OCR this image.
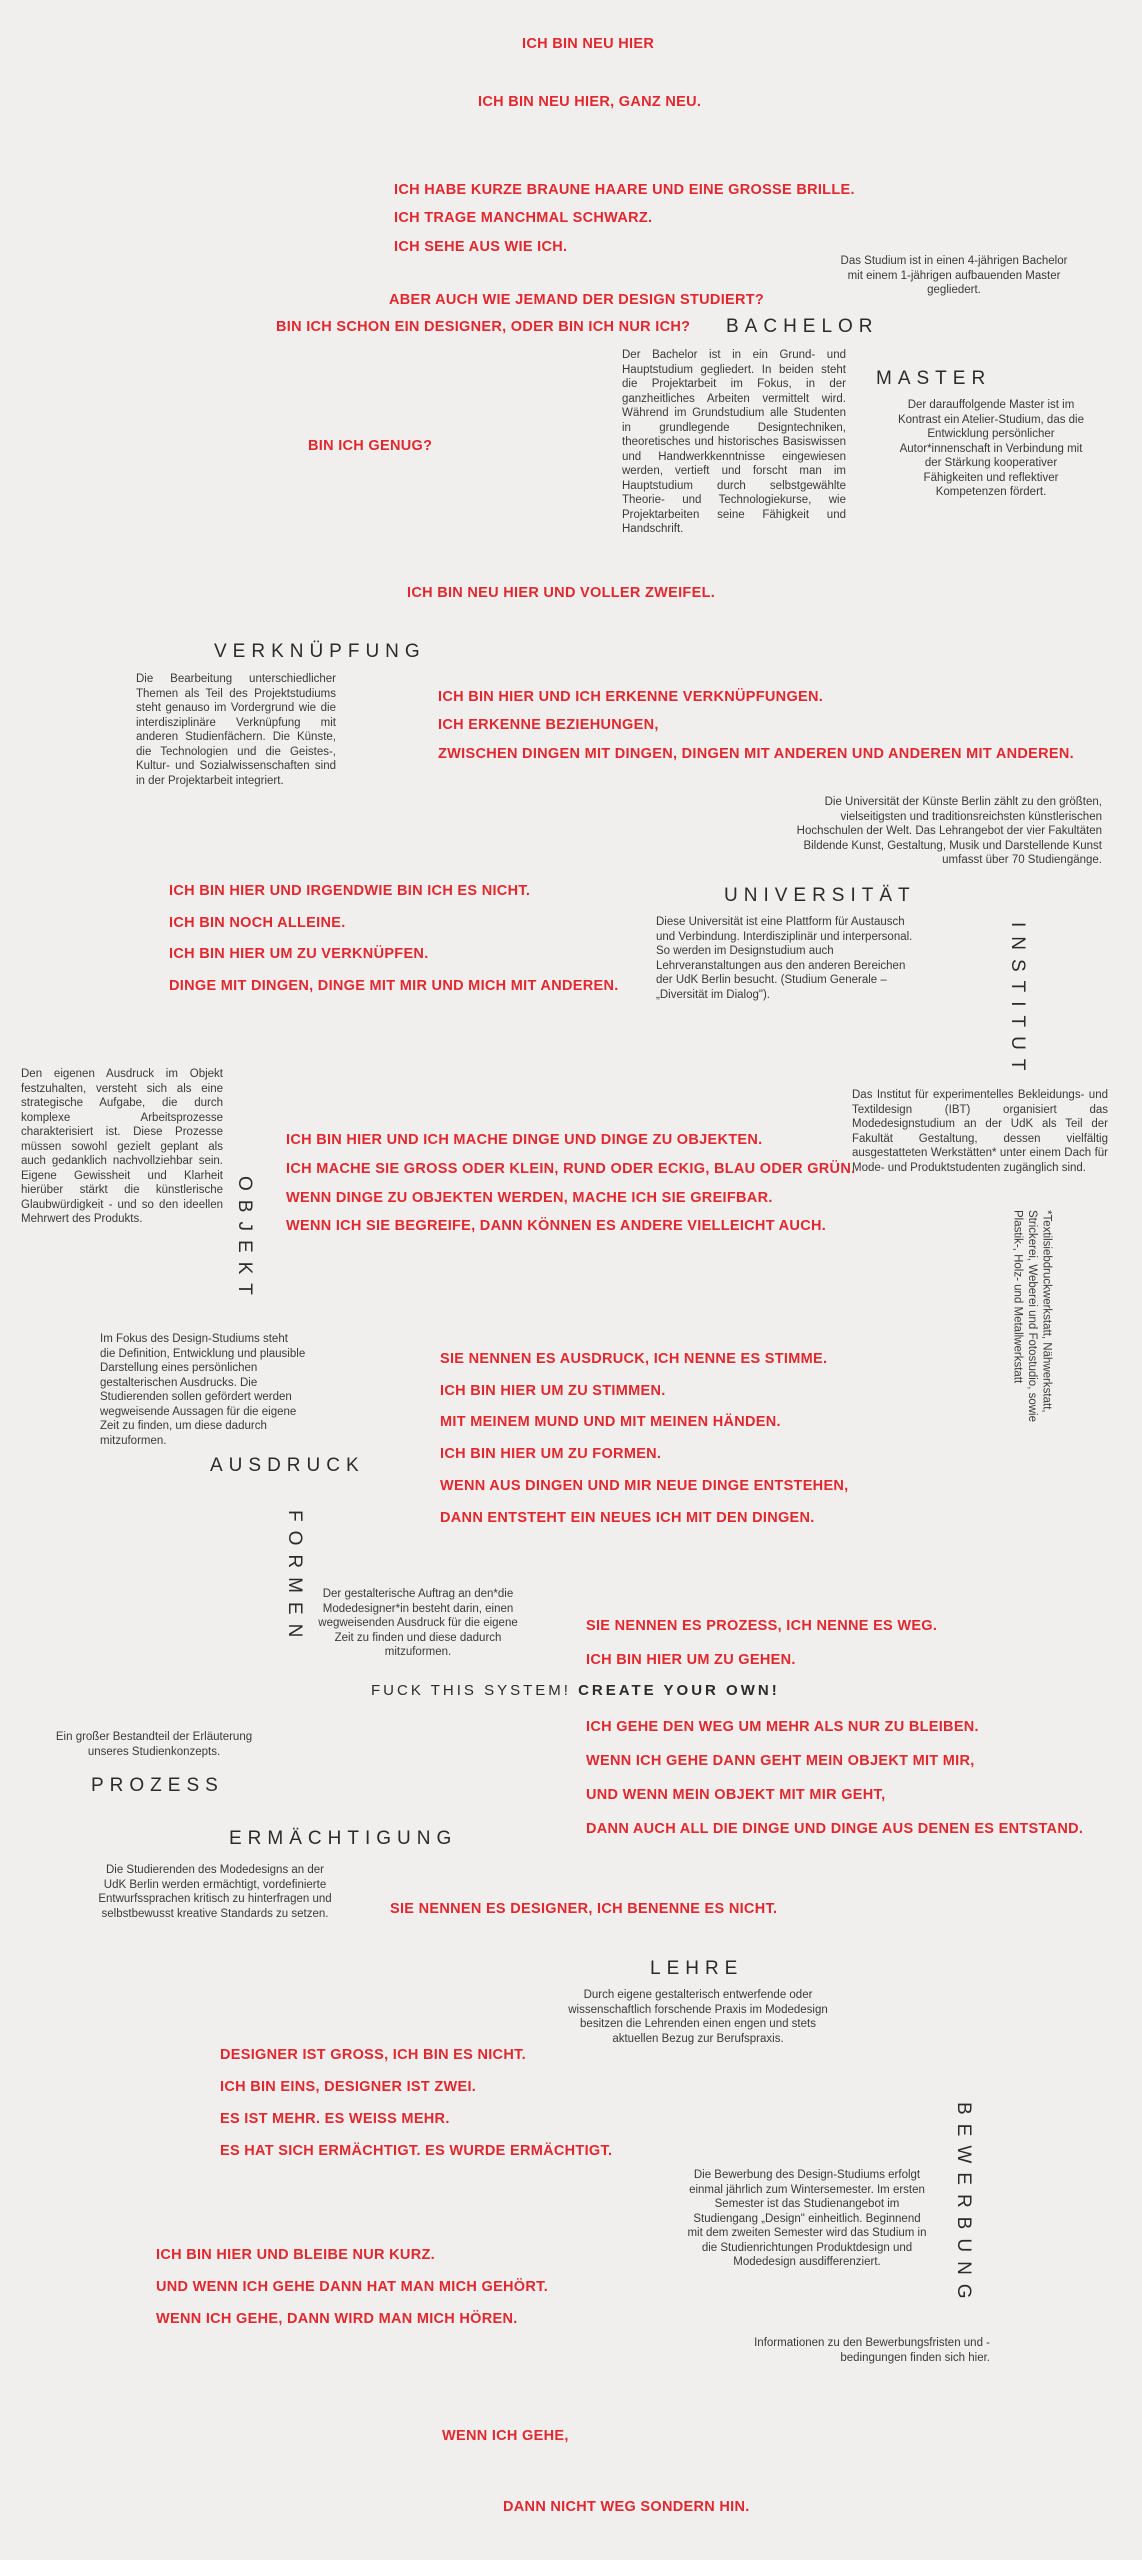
ICH BIN NEU HIER
ICH BIN NEU HIER, GANZ NEU.
ICH HABE KURZE BRAUNE HAARE UND EINE GROSSE BRILLE.
ICH TRAGE MANCHMAL SCHWARZ.
ICH SEHE AUS WIE ICH.
ABER AUCH WIE JEMAND DER DESIGN STUDIERT?
BIN ICH SCHON EIN DESIGNER, ODER BIN ICH NUR ICH?
BIN ICH GENUG?
ICH BIN NEU HIER UND VOLLER ZWEIFEL.
ICH BIN HIER UND ICH ERKENNE VERKNÜPFUNGEN.
ICH ERKENNE BEZIEHUNGEN,
ZWISCHEN DINGEN MIT DINGEN, DINGEN MIT ANDEREN UND ANDEREN MIT ANDEREN.
ICH BIN HIER UND IRGENDWIE BIN ICH ES NICHT.
ICH BIN NOCH ALLEINE.
ICH BIN HIER UM ZU VERKNÜPFEN.
DINGE MIT DINGEN, DINGE MIT MIR UND MICH MIT ANDEREN.
ICH BIN HIER UND ICH MACHE DINGE UND DINGE ZU OBJEKTEN.
ICH MACHE SIE GROSS ODER KLEIN, RUND ODER ECKIG, BLAU ODER GRÜN.
WENN DINGE ZU OBJEKTEN WERDEN, MACHE ICH SIE GREIFBAR.
WENN ICH SIE BEGREIFE, DANN KÖNNEN ES ANDERE VIELLEICHT AUCH.
SIE NENNEN ES AUSDRUCK, ICH NENNE ES STIMME.
ICH BIN HIER UM ZU STIMMEN.
MIT MEINEM MUND UND MIT MEINEN HÄNDEN.
ICH BIN HIER UM ZU FORMEN.
WENN AUS DINGEN UND MIR NEUE DINGE ENTSTEHEN,
DANN ENTSTEHT EIN NEUES ICH MIT DEN DINGEN.
SIE NENNEN ES PROZESS, ICH NENNE ES WEG.
ICH BIN HIER UM ZU GEHEN.
ICH GEHE DEN WEG UM MEHR ALS NUR ZU BLEIBEN.
WENN ICH GEHE DANN GEHT MEIN OBJEKT MIT MIR,
UND WENN MEIN OBJEKT MIT MIR GEHT,
DANN AUCH ALL DIE DINGE UND DINGE AUS DENEN ES ENTSTAND.
SIE NENNEN ES DESIGNER, ICH BENENNE ES NICHT.
DESIGNER IST GROSS, ICH BIN ES NICHT.
ICH BIN EINS, DESIGNER IST ZWEI.
ES IST MEHR. ES WEISS MEHR.
ES HAT SICH ERMÄCHTIGT. ES WURDE ERMÄCHTIGT.
ICH BIN HIER UND BLEIBE NUR KURZ.
UND WENN ICH GEHE DANN HAT MAN MICH GEHÖRT.
WENN ICH GEHE, DANN WIRD MAN MICH HÖREN.
WENN ICH GEHE,
DANN NICHT WEG SONDERN HIN.
Das Studium ist in einen 4-jährigen Bachelor mit einem 1-jährigen aufbauenden Master gegliedert.
BACHELOR
Der Bachelor ist in ein Grund- und Hauptstudium gegliedert. In beiden steht die Projektarbeit im Fokus, in der ganzheitliches Arbeiten vermittelt wird. Während im Grundstudium alle Studenten in grundlegende Designtechniken, theoretisches und historisches Basiswissen und Handwerkkenntnisse eingewiesen werden, vertieft und forscht man im Hauptstudium durch selbstgewählte Theorie- und Technologiekurse, wie Projektarbeiten seine Fähigkeit und Handschrift.
MASTER
Der darauffolgende Master ist im Kontrast ein Atelier-Studium, das die Entwicklung persönlicher Autor*innenschaft in Verbindung mit der Stärkung kooperativer Fähigkeiten und reflektiver Kompetenzen fördert.
VERKNÜPFUNG
Die Bearbeitung unterschiedlicher Themen als Teil des Projektstudiums steht genauso im Vordergrund wie die interdisziplinäre Verknüpfung mit anderen Studienfächern. Die Künste, die Technologien und die Geistes-, Kultur- und Sozialwissenschaften sind in der Projektarbeit integriert.
Die Universität der Künste Berlin zählt zu den größten, vielseitigsten und traditionsreichsten künstlerischen Hochschulen der Welt. Das Lehrangebot der vier Fakultäten Bildende Kunst, Gestaltung, Musik und Darstellende Kunst umfasst über 70 Studiengänge.
UNIVERSITÄT
Diese Universität ist eine Plattform für Austausch und Verbindung. Interdisziplinär und interpersonal. So werden im Designstudium auch Lehrveranstaltungen aus den anderen Bereichen der UdK Berlin besucht. (Studium Generale – „Diversität im Dialog").	INSTITUT
Das Institut für experimentelles Bekleidungs- und Textildesign (IBT) organisiert das Modedesignstudium an der UdK als Teil der Fakultät Gestaltung, dessen vielfältig ausgestatteten Werkstätten* unter einem Dach für Mode- und Produktstudenten zugänglich sind.
Den eigenen Ausdruck im Objekt festzuhalten, versteht sich als eine strategische Aufgabe, die durch komplexe Arbeitsprozesse charakterisiert ist. Diese Prozesse müssen sowohl gezielt geplant als auch gedanklich nachvollziehbar sein. Eigene Gewissheit und Klarheit hierüber stärkt die künstlerische Glaubwürdigkeit - und so den ideellen Mehrwert des Produkts.	OBJEKT	*Textilsiebdruckwerkstatt, Nähwerkstatt, Strickerei, Weberei und Fotostudio, sowie Plastik-, Holz- und Metallwerkstatt
Im Fokus des Design-Studiums steht die Definition, Entwicklung und plausible Darstellung eines persönlichen gestalterischen Ausdrucks. Die Studierenden sollen gefördert werden wegweisende Aussagen für die eigene Zeit zu finden, um diese dadurch mitzuformen.
AUSDRUCK
FORMEN	Der gestalterische Auftrag an den*die Modedesigner*in besteht darin, einen wegweisenden Ausdruck für die eigene Zeit zu finden und diese dadurch mitzuformen.
FUCK THIS SYSTEM! CREATE YOUR OWN!
Ein großer Bestandteil der Erläuterung unseres Studienkonzepts.
PROZESS
ERMÄCHTIGUNG
Die Studierenden des Modedesigns an der UdK Berlin werden ermächtigt, vordefinierte Entwurfssprachen kritisch zu hinterfragen und selbstbewusst kreative Standards zu setzen.
LEHRE
Durch eigene gestalterisch entwerfende oder wissenschaftlich forschende Praxis im Modedesign besitzen die Lehrenden einen engen und stets aktuellen Bezug zur Berufspraxis.
BEWERBUNG
Die Bewerbung des Design-Studiums erfolgt einmal jährlich zum Wintersemester. Im ersten Semester ist das Studienangebot im Studiengang „Design" einheitlich. Beginnend mit dem zweiten Semester wird das Studium in die Studienrichtungen Produktdesign und Modedesign ausdifferenziert.
Informationen zu den Bewerbungsfristen und -bedingungen finden sich hier.
